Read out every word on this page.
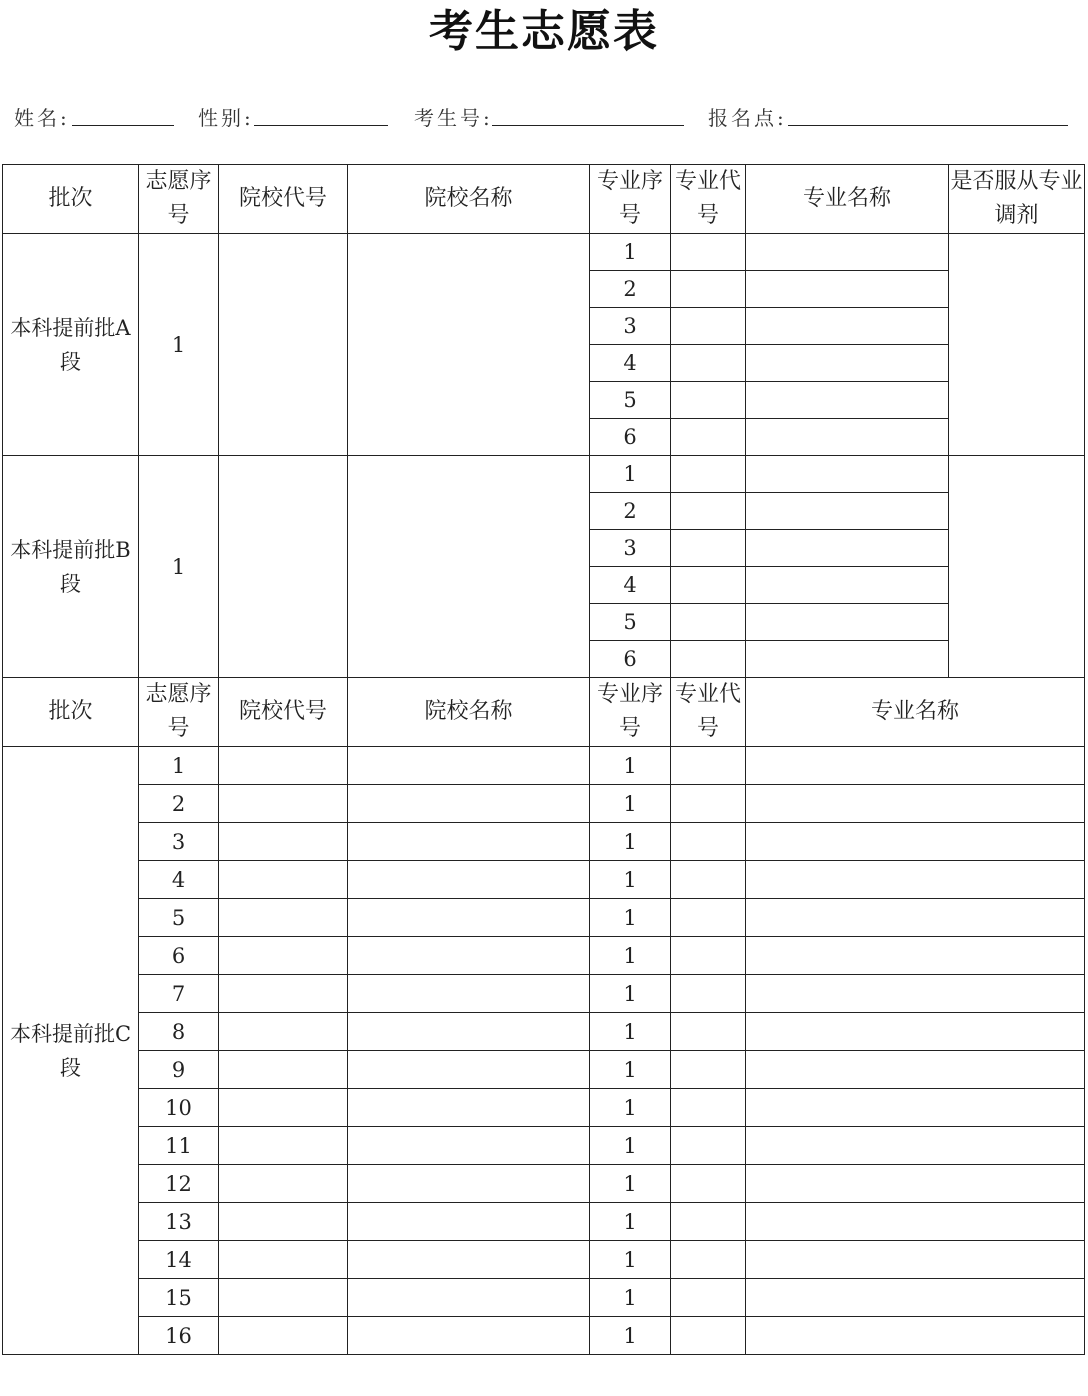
考生志愿表
姓名:	性别:	考生号:	报名点:
批次	志愿序号	院校代号	院校名称	专业序号	专业代号	专业名称	是否服从专业调剂
本科提前批A段	1			1			
				2			
				3			
				4			
				5			
				6			
本科提前批B段	1			1			
				2			
				3			
				4			
				5			
				6			
批次	志愿序号	院校代号	院校名称	专业序号	专业代号	专业名称	
本科提前批C段	1			1			
	2			1			
	3			1			
	4			1			
	5			1			
	6			1			
	7			1			
	8			1			
	9			1			
	10			1			
	11			1			
	12			1			
	13			1			
	14			1			
	15			1			
	16			1			
